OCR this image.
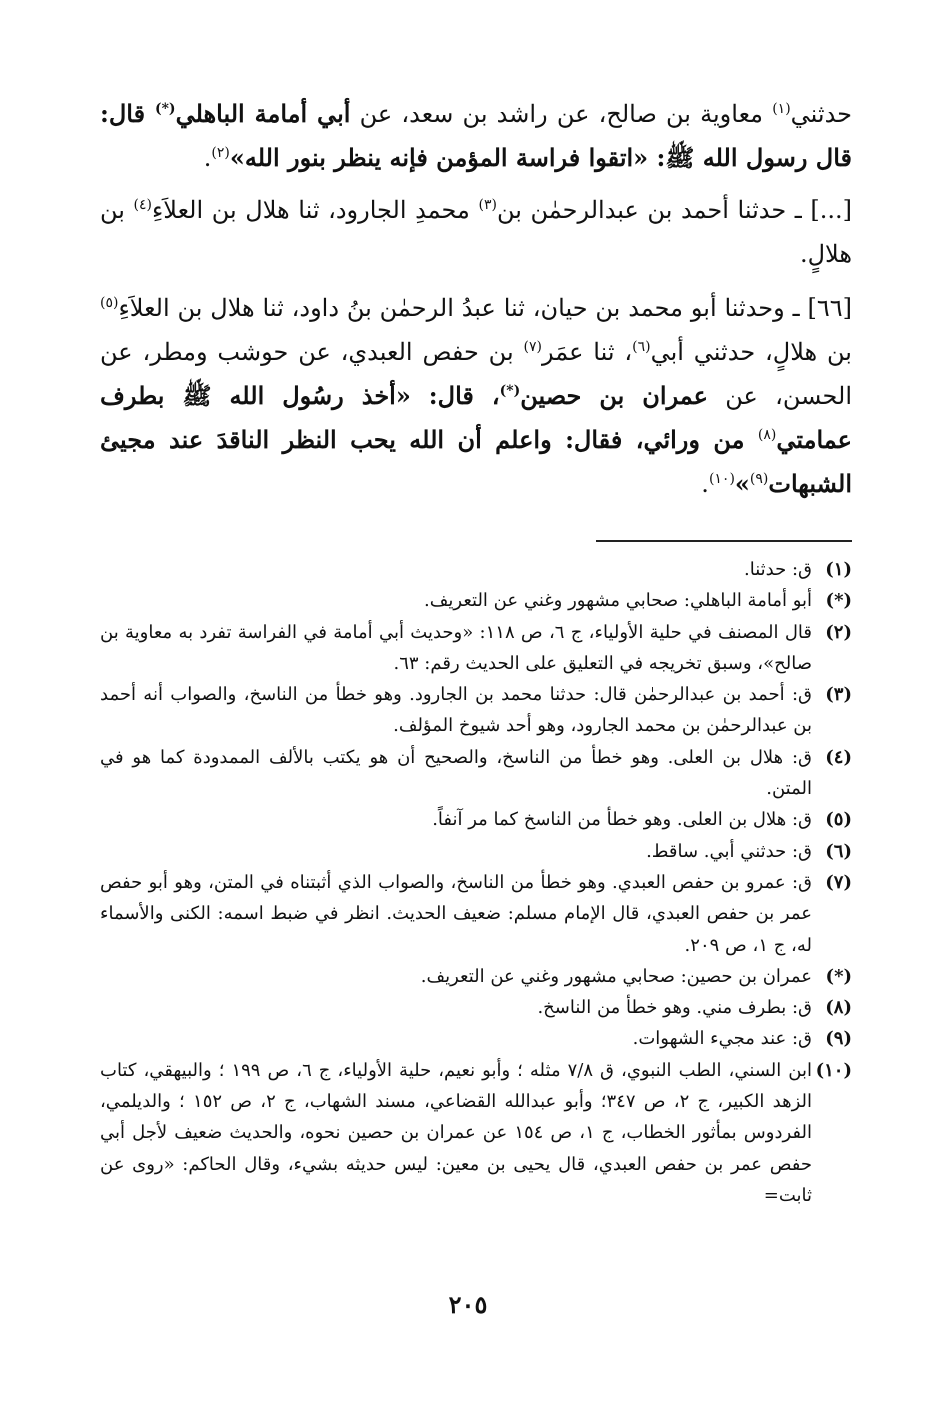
حدثني$^{(١)}$ معاوية بن صالح، عن راشد بن سعد، عن أبي أمامة الباهلي(*) قال: قال رسول الله ﷺ: «اتقوا فراسة المؤمن فإنه ينظر بنور الله»$^{(٢)}$.

[...] ـ حدثنا أحمد بن عبدالرحمٰن بن$^{(٣)}$ محمدِ الجارود، ثنا هلال بن العلاَءِ$^{(٤)}$ بن هلالٍ.

[٦٦] ـ وحدثنا أبو محمد بن حيان، ثنا عبدُ الرحمٰن بنُ داود، ثنا هلال بن العلاَءِ$^{(٥)}$ بن هلالٍ، حدثني أبي$^{(٦)}$، ثنا عمَر$^{(٧)}$ بن حفص العبدي، عن حوشب ومطر، عن الحسن، عن عمران بن حصين(*)، قال: «أخذ رسُول الله ﷺ بطرف عمامتي$^{(٨)}$ من ورائي، فقال: واعلم أن الله يحب النظر الناقدَ عند مجيئ الشبهات$^{(٩)}$»$^{(١٠)}$.

(١)
ق: حدثنا.
(*)
أبو أمامة الباهلي: صحابي مشهور وغني عن التعريف.
(٢)
قال المصنف في حلية الأولياء، ج ٦، ص ١١٨: «وحديث أبي أمامة في الفراسة تفرد به معاوية بن صالح»، وسبق تخريجه في التعليق على الحديث رقم: ٦٣.
(٣)
ق: أحمد بن عبدالرحمٰن قال: حدثنا محمد بن الجارود. وهو خطأ من الناسخ، والصواب أنه أحمد بن عبدالرحمٰن بن محمد الجارود، وهو أحد شيوخ المؤلف.
(٤)
ق: هلال بن العلى. وهو خطأ من الناسخ، والصحيح أن هو يكتب بالألف الممدودة كما هو في المتن.
(٥)
ق: هلال بن العلى. وهو خطأ من الناسخ كما مر آنفاً.
(٦)
ق: حدثني أبي. ساقط.
(٧)
ق: عمرو بن حفص العبدي. وهو خطأ من الناسخ، والصواب الذي أثبتناه في المتن، وهو أبو حفص عمر بن حفص العبدي، قال الإمام مسلم: ضعيف الحديث. انظر في ضبط اسمه: الكنى والأسماء له، ج ١، ص ٢٠٩.
(*)
عمران بن حصين: صحابي مشهور وغني عن التعريف.
(٨)
ق: بطرف مني. وهو خطأ من الناسخ.
(٩)
ق: عند مجيء الشهوات.
(١٠)
ابن السني، الطب النبوي، ق ٧/٨ مثله ؛ وأبو نعيم، حلية الأولياء، ج ٦، ص ١٩٩ ؛ والبيهقي، كتاب الزهد الكبير، ج ٢، ص ٣٤٧؛ وأبو عبدالله القضاعي، مسند الشهاب، ج ٢، ص ١٥٢ ؛ والديلمي، الفردوس بمأثور الخطاب، ج ١، ص ١٥٤ عن عمران بن حصين نحوه، والحديث ضعيف لأجل أبي حفص عمر بن حفص العبدي، قال يحيى بن معين: ليس حديثه بشيء، وقال الحاكم: «روى عن ثابت=
٢٠٥
